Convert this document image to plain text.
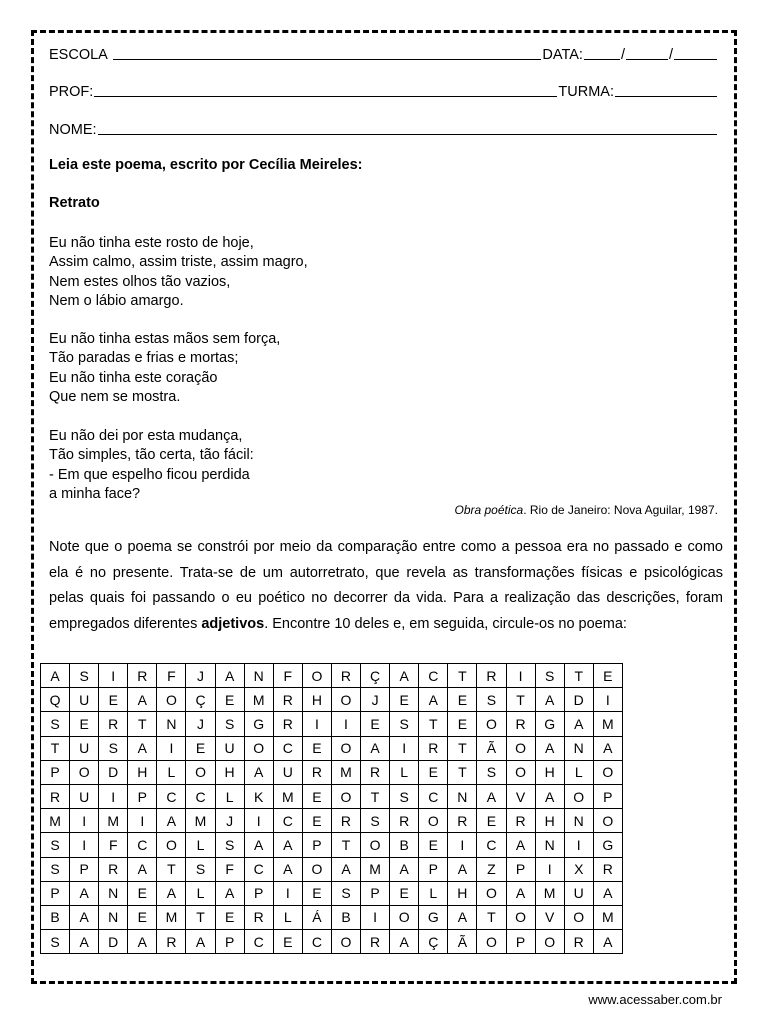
ESCOLA	DATA:	/	/
PROF:	TURMA:
NOME:
Leia este poema, escrito por Cecília Meireles:
Retrato
Eu não tinha este rosto de hoje,
Assim calmo, assim triste, assim magro,
Nem estes olhos tão vazios,
Nem o lábio amargo.
Eu não tinha estas mãos sem força,
Tão paradas e frias e mortas;
Eu não tinha este coração
Que nem se mostra.
Eu não dei por esta mudança,
Tão simples, tão certa, tão fácil:
- Em que espelho ficou perdida
a minha face?
Obra poética. Rio de Janeiro: Nova Aguilar, 1987.
Note que o poema se constrói por meio da comparação entre como a pessoa era no passado e como ela é no presente. Trata-se de um autorretrato, que revela as transformações físicas e psicológicas pelas quais foi passando o eu poético no decorrer da vida. Para a realização das descrições, foram empregados diferentes adjetivos. Encontre 10 deles e, em seguida, circule-os no poema:
A	S	I	R	F	J	A	N	F	O	R	Ç	A	C	T	R	I	S	T	E
Q	U	E	A	O	Ç	E	M	R	H	O	J	E	A	E	S	T	A	D	I
S	E	R	T	N	J	S	G	R	I	I	E	S	T	E	O	R	G	A	M
T	U	S	A	I	E	U	O	C	E	O	A	I	R	T	Ã	O	A	N	A
P	O	D	H	L	O	H	A	U	R	M	R	L	E	T	S	O	H	L	O
R	U	I	P	C	C	L	K	M	E	O	T	S	C	N	A	V	A	O	P
M	I	M	I	A	M	J	I	C	E	R	S	R	O	R	E	R	H	N	O
S	I	F	C	O	L	S	A	A	P	T	O	B	E	I	C	A	N	I	G
S	P	R	A	T	S	F	C	A	O	A	M	A	P	A	Z	P	I	X	R
P	A	N	E	A	L	A	P	I	E	S	P	E	L	H	O	A	M	U	A
B	A	N	E	M	T	E	R	L	Á	B	I	O	G	A	T	O	V	O	M
S	A	D	A	R	A	P	C	E	C	O	R	A	Ç	Ã	O	P	O	R	A
www.acessaber.com.br
